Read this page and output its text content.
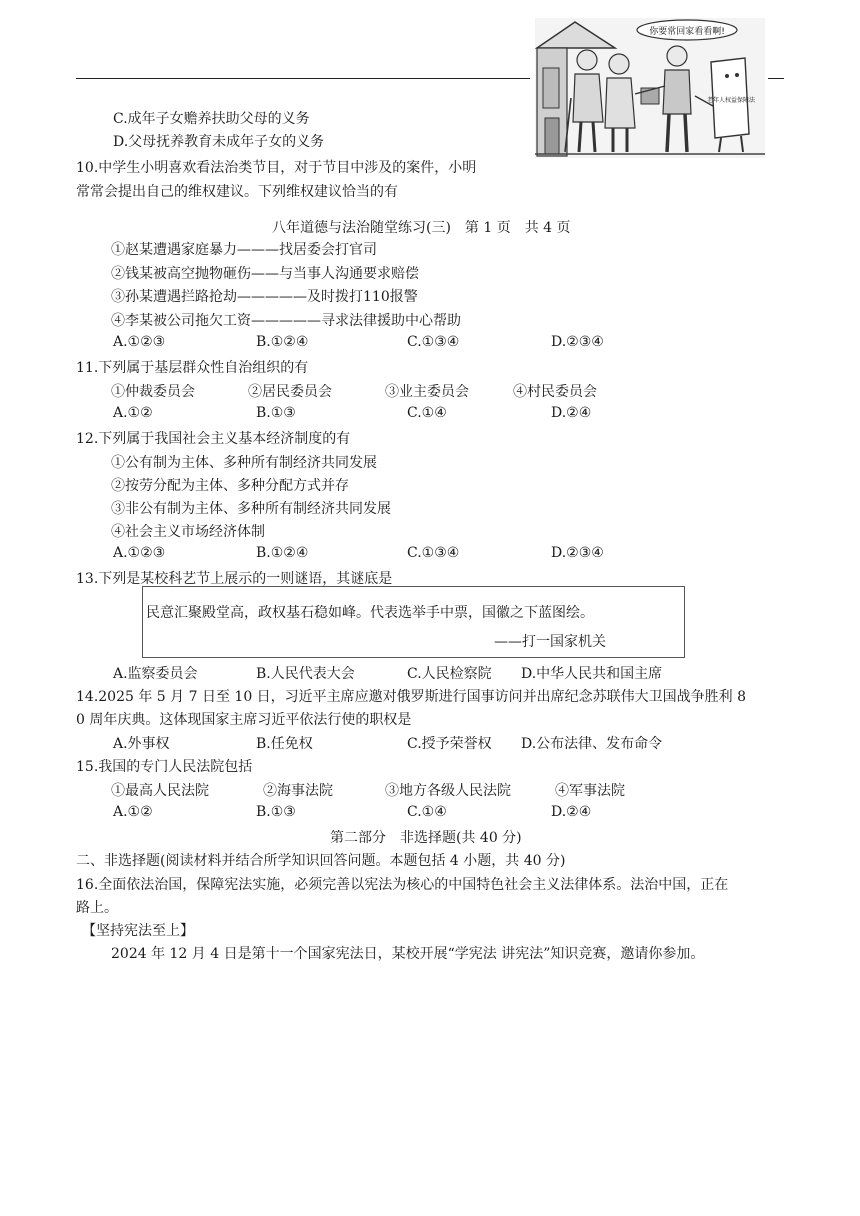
你要常回家看看啊!
老年人权益保障法
C.成年子女赡养扶助父母的义务
D.父母抚养教育未成年子女的义务
10.中学生小明喜欢看法治类节目，对于节目中涉及的案件，小明
常常会提出自己的维权建议。下列维权建议恰当的有
八年道德与法治随堂练习(三)　第 1 页　共 4 页
①赵某遭遇家庭暴力———找居委会打官司
②钱某被高空抛物砸伤——与当事人沟通要求赔偿
③孙某遭遇拦路抢劫—————及时拨打110报警
④李某被公司拖欠工资—————寻求法律援助中心帮助
A.①②③	B.①②④	C.①③④	D.②③④
11.下列属于基层群众性自治组织的有
①仲裁委员会	②居民委员会	③业主委员会	④村民委员会
A.①②	B.①③	C.①④	D.②④
12.下列属于我国社会主义基本经济制度的有
①公有制为主体、多种所有制经济共同发展
②按劳分配为主体、多种分配方式并存
③非公有制为主体、多种所有制经济共同发展
④社会主义市场经济体制
A.①②③	B.①②④	C.①③④	D.②③④
13.下列是某校科艺节上展示的一则谜语，其谜底是
民意汇聚殿堂高，政权基石稳如峰。代表选举手中票，国徽之下蓝图绘。
——打一国家机关
A.监察委员会	B.人民代表大会	C.人民检察院 D.中华人民共和国主席
14.2025 年 5 月 7 日至 10 日，习近平主席应邀对俄罗斯进行国事访问并出席纪念苏联伟大卫国战争胜利 8
0 周年庆典。这体现国家主席习近平依法行使的职权是
A.外事权	B.任免权	C.授予荣誉权 D.公布法律、发布命令
15.我国的专门人民法院包括
①最高人民法院	②海事法院	③地方各级人民法院	④军事法院
A.①②	B.①③	C.①④	D.②④
第二部分　非选择题(共 40 分)
二、非选择题(阅读材料并结合所学知识回答问题。本题包括 4 小题，共 40 分)
16.全面依法治国，保障宪法实施，必须完善以宪法为核心的中国特色社会主义法律体系。法治中国，正在
路上。
【坚持宪法至上】
2024 年 12 月 4 日是第十一个国家宪法日，某校开展“学宪法 讲宪法”知识竞赛，邀请你参加。
